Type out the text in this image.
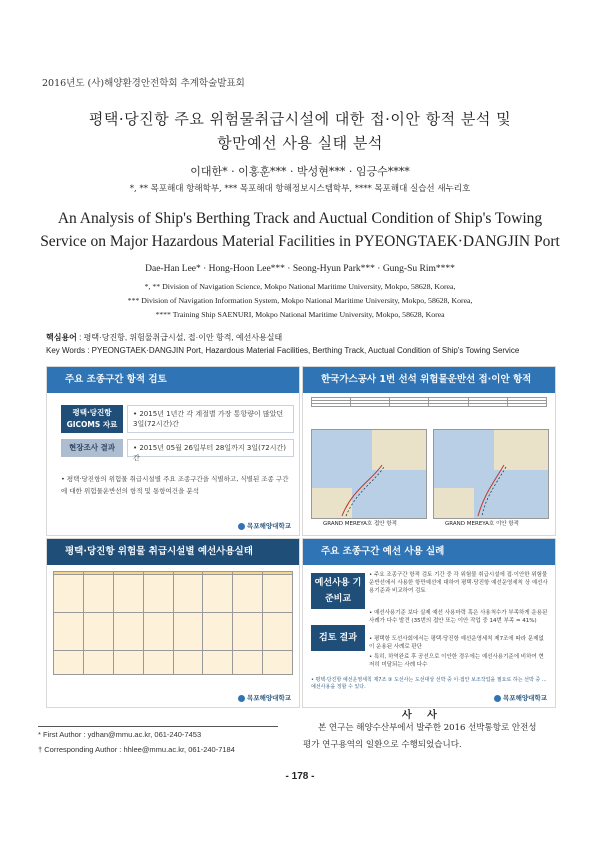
2016년도 (사)해양환경안전학회 추계학술발표회
평택·당진항 주요 위험물취급시설에 대한 접·이안 항적 분석 및
항만예선 사용 실태 분석
이대한* · 이홍훈*** · 박성현*** · 임긍수****
*, ** 목포해대 항해학부, *** 목포해대 항해정보시스템학부, **** 목포해대 실습선 새누리호
An Analysis of Ship's Berthing Track and Auctual Condition of Ship's Towing
Service on Major Hazardous Material Facilities in PYEONGTAEK·DANGJIN Port
Dae-Han Lee* · Hong-Hoon Lee*** · Seong-Hyun Park*** · Gung-Su Rim****
*, ** Division of Navigation Science, Mokpo National Maritime University, Mokpo, 58628, Korea,
*** Division of Navigation Information System, Mokpo National Maritime University, Mokpo, 58628, Korea,
**** Training Ship SAENURI, Mokpo National Maritime University, Mokpo, 58628, Korea
핵심용어 : 평택·당진항, 위험물취급시설, 접·이안 항적, 예선사용실태
Key Words : PYEONGTAEK·DANGJIN Port, Hazardous Material Facilities, Berthing Track, Auctual Condition of Ship's Towing Service
주요 조종구간 항적 검토
평택·당진항 GICOMS 자료
• 2015년 1년간 각 계절별 가장 통항량이 많았던 3일(72시간)간
현장조사 결과	• 2015년 05월 26일부터 28일까지 3일(72시간)간
• 평택·당진항의 위험물 취급시설별 주요 조종구간을 식별하고, 식별된 조종 구간에 대한 위험물운반선의 항적 및 통항여건을 분석
목포해양대학교
한국가스공사 1번 선석 위험물운반선 접·이안 항적

GRAND MEREYA호 접안 항적	GRAND MEREYA호 이안 항적
평택·당진항 위험물 취급시설별 예선사용실태

목포해양대학교
주요 조종구간 예선 사용 실례
예선사용 기준비교
• 주요 조종구간 항적 검토 기간 중 각 위험물 취급시설에 접·이안한 위험물운반선에서 사용한 항만예선에 대하여 평택·당진항 예선운영세칙 상 예선사용기준과 비교하여 검토
검토 결과
• 예선사용기준 보다 실제 예선 사용마력 혹은 사용척수가 부족하게 운용된 사례가 다수 발견 (35번의 접안 또는 이안 작업 중 14번 부족 = 41%)
• 평택항 도선사회에서는 평택·당진항 예선운영세칙 제7조에 따라 문제없이 운용된 사례로 판단
• 특히, 하역완료 후 공선으로 이안한 경우에는 예선사용기준에 비하여 현저히 미달되는 사례 다수
• 평택·당진항 예선운영세칙 제7조 ③ 도선사는 도선대상 선박 중 이·접안 보조작업을 필요로 하는 선박 중 ... 예선사용을 정할 수 있다.
목포해양대학교
* First Author : ydhan@mmu.ac.kr, 061-240-7453
† Corresponding Author : hhlee@mmu.ac.kr, 061-240-7184
사 사
본 연구는 해양수산부에서 발주한 2016 선박통항로 안전성
평가 연구용역의 일환으로 수행되었습니다.
- 178 -
